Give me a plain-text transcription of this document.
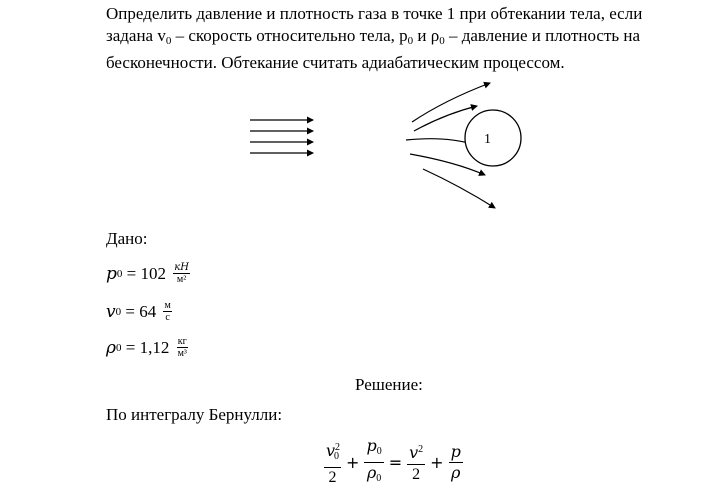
Определить давление и плотность газа в точке 1 при обтекании тела, если
задана $v_0$ – скорость относительно тела, $p_0$ и $\rho_0$ – давление и плотность на
бесконечности. Обтекание считать адиабатическим процессом.
1
Дано:
p $0 = 102 \frac{кН}{\text{м²}}$
v $0 = 64 \frac{м}{с}$
ρ $0 = 1,12 \frac{кг}{\text{м³}}$
Решение:
По интегралу Бернулли:
$\frac{v^20}{2} + \frac{p0}{\rho 0} = \frac{v^2}{2} + \frac{p}{\rho}$
